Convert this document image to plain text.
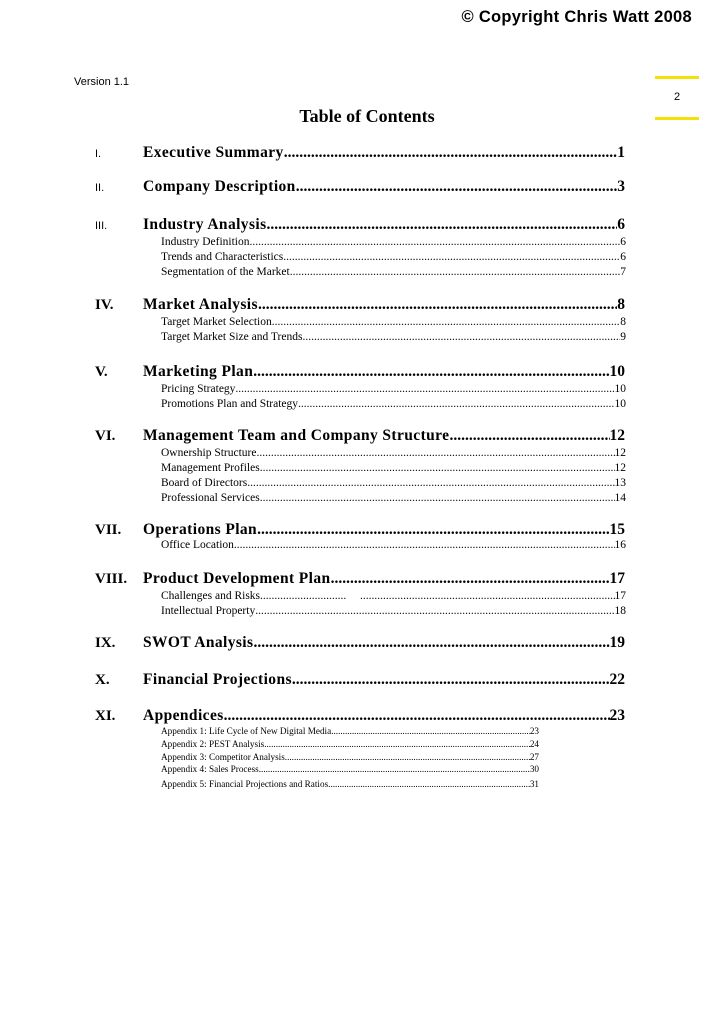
© Copyright Chris Watt 2008
Version 1.1
2
Table of Contents
I.	Executive Summary .....	1
II.	Company Description .....	3
III. Industry Analysis .....	6
Industry Definition .....	6
Trends and Characteristics .....	6
Segmentation of the Market .....	7
IV. Market Analysis .....	8
Target Market Selection .....	8
Target Market Size and Trends .....	9
V. Marketing Plan .....	10
Pricing Strategy .....	10
Promotions Plan and Strategy .....	10
VI. Management Team and Company Structure .....	12
Ownership Structure .....	12
Management Profiles .....	12
Board of Directors .....	13
Professional Services .....	14
VII. Operations Plan .....	15
Office Location .....	16
VIII. Product Development Plan .....	17
Challenges and Risks ..... .....	17
Intellectual Property .....	18
IX. SWOT Analysis .....	19
X. Financial Projections .....	22
XI. Appendices .....	23
Appendix 1: Life Cycle of New Digital Media .....	23
Appendix 2: PEST Analysis .....	24
Appendix 3: Competitor Analysis .....	27
Appendix 4: Sales Process .....	30
Appendix 5: Financial Projections and Ratios .....	31
